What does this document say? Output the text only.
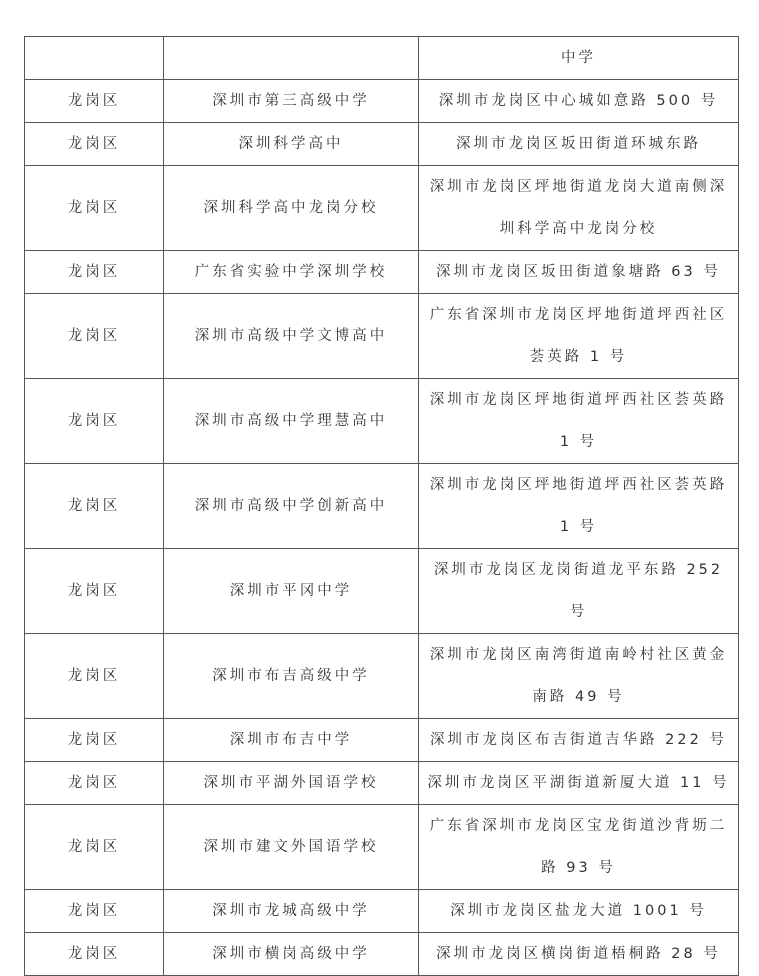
		中学
龙岗区	深圳市第三高级中学	深圳市龙岗区中心城如意路 500 号
龙岗区	深圳科学高中	深圳市龙岗区坂田街道环城东路
龙岗区	深圳科学高中龙岗分校	深圳市龙岗区坪地街道龙岗大道南侧深圳科学高中龙岗分校
龙岗区	广东省实验中学深圳学校	深圳市龙岗区坂田街道象塘路 63 号
龙岗区	深圳市高级中学文博高中	广东省深圳市龙岗区坪地街道坪西社区荟英路 1 号
龙岗区	深圳市高级中学理慧高中	深圳市龙岗区坪地街道坪西社区荟英路 1 号
龙岗区	深圳市高级中学创新高中	深圳市龙岗区坪地街道坪西社区荟英路 1 号
龙岗区	深圳市平冈中学	深圳市龙岗区龙岗街道龙平东路 252 号
龙岗区	深圳市布吉高级中学	深圳市龙岗区南湾街道南岭村社区黄金南路 49 号
龙岗区	深圳市布吉中学	深圳市龙岗区布吉街道吉华路 222 号
龙岗区	深圳市平湖外国语学校	深圳市龙岗区平湖街道新厦大道 11 号
龙岗区	深圳市建文外国语学校	广东省深圳市龙岗区宝龙街道沙背坜二路 93 号
龙岗区	深圳市龙城高级中学	深圳市龙岗区盐龙大道 1001 号
龙岗区	深圳市横岗高级中学	深圳市龙岗区横岗街道梧桐路 28 号
